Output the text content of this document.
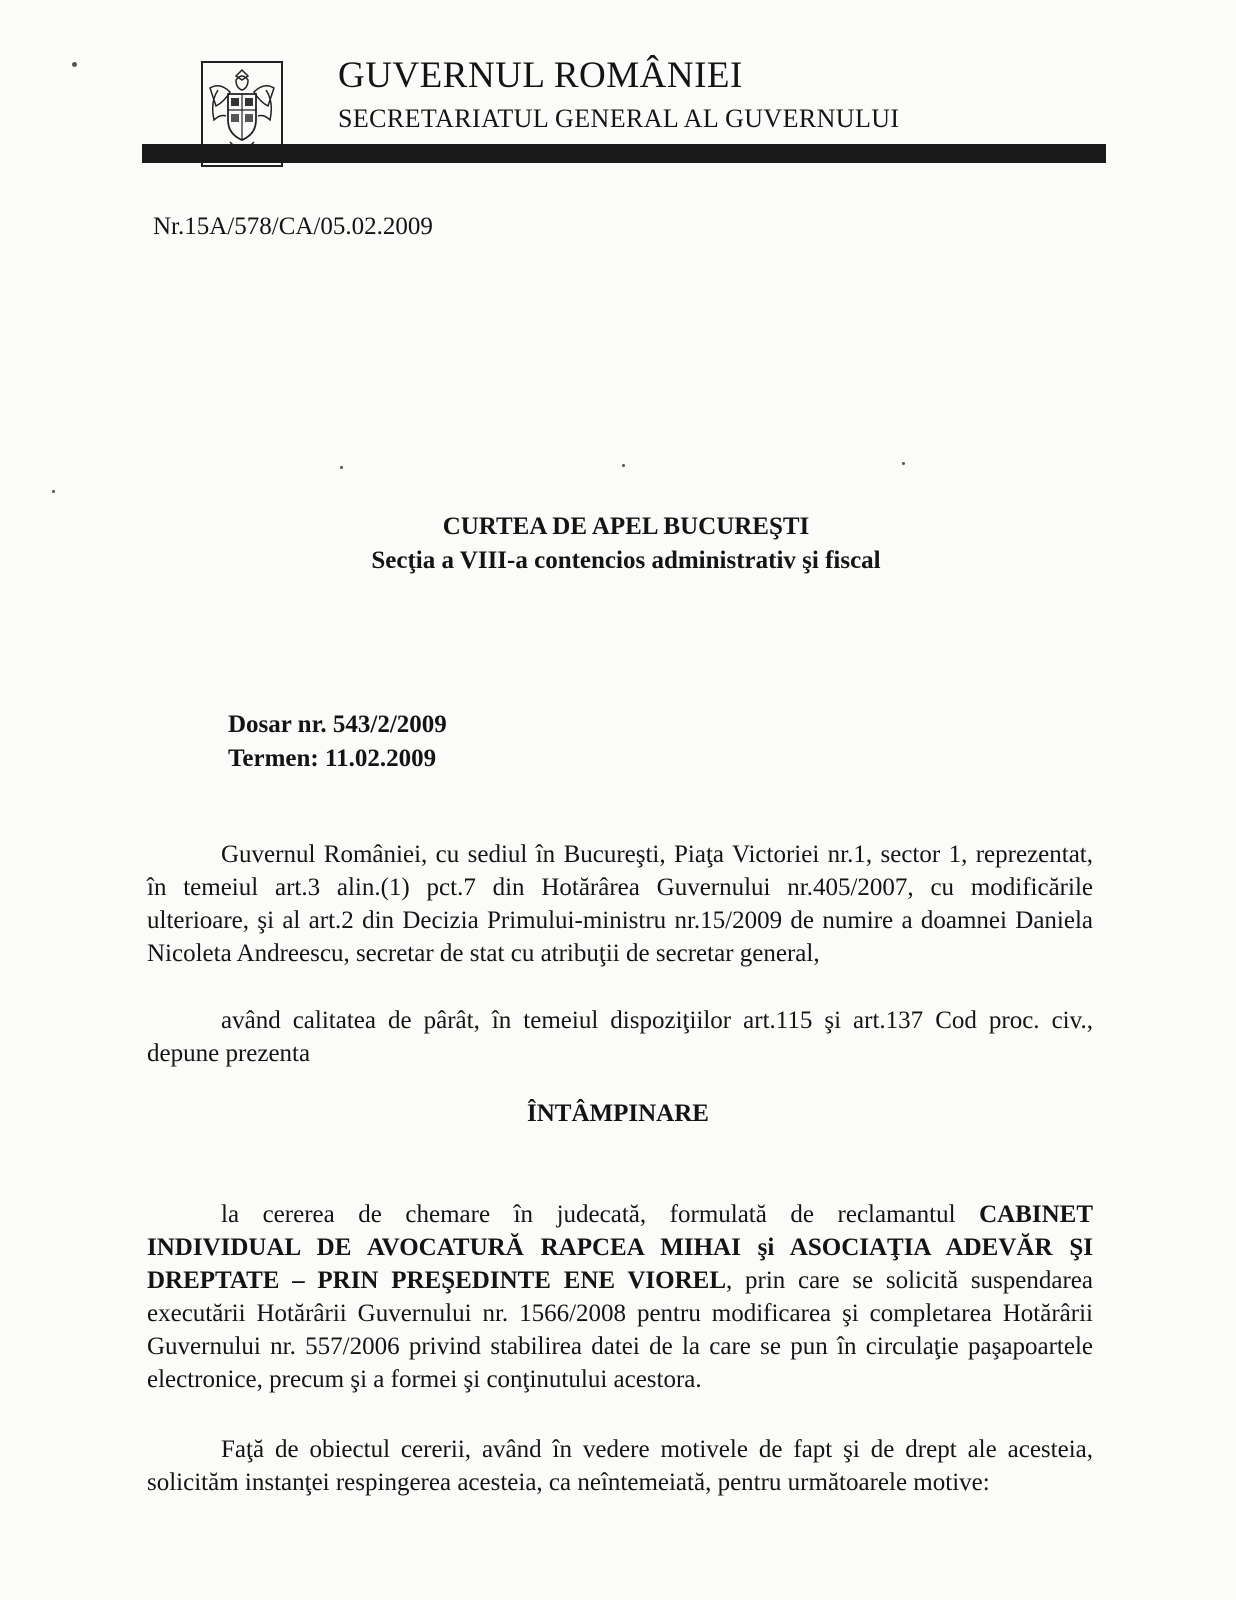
GUVERNUL ROMÂNIEI
SECRETARIATUL GENERAL AL GUVERNULUI
Nr.15A/578/CA/05.02.2009
CURTEA DE APEL BUCUREŞTI
Secţia a VIII-a contencios administrativ şi fiscal
Dosar nr. 543/2/2009
Termen: 11.02.2009
Guvernul României, cu sediul în Bucureşti, Piaţa Victoriei nr.1, sector 1, reprezentat, în temeiul art.3 alin.(1) pct.7 din Hotărârea Guvernului nr.405/2007, cu modificările ulterioare, şi al art.2 din Decizia Primului-ministru nr.15/2009 de numire a doamnei Daniela Nicoleta Andreescu, secretar de stat cu atribuţii de secretar general,
având calitatea de pârât, în temeiul dispoziţiilor art.115 şi art.137 Cod proc. civ., depune prezenta
ÎNTÂMPINARE
la cererea de chemare în judecată, formulată de reclamantul CABINET INDIVIDUAL DE AVOCATURĂ RAPCEA MIHAI şi ASOCIAŢIA ADEVĂR ŞI DREPTATE – PRIN PREŞEDINTE ENE VIOREL, prin care se solicită suspendarea executării Hotărârii Guvernului nr. 1566/2008 pentru modificarea şi completarea Hotărârii Guvernului nr. 557/2006 privind stabilirea datei de la care se pun în circulaţie paşapoartele electronice, precum şi a formei şi conţinutului acestora.
Faţă de obiectul cererii, având în vedere motivele de fapt şi de drept ale acesteia, solicităm instanţei respingerea acesteia, ca neîntemeiată, pentru următoarele motive:
